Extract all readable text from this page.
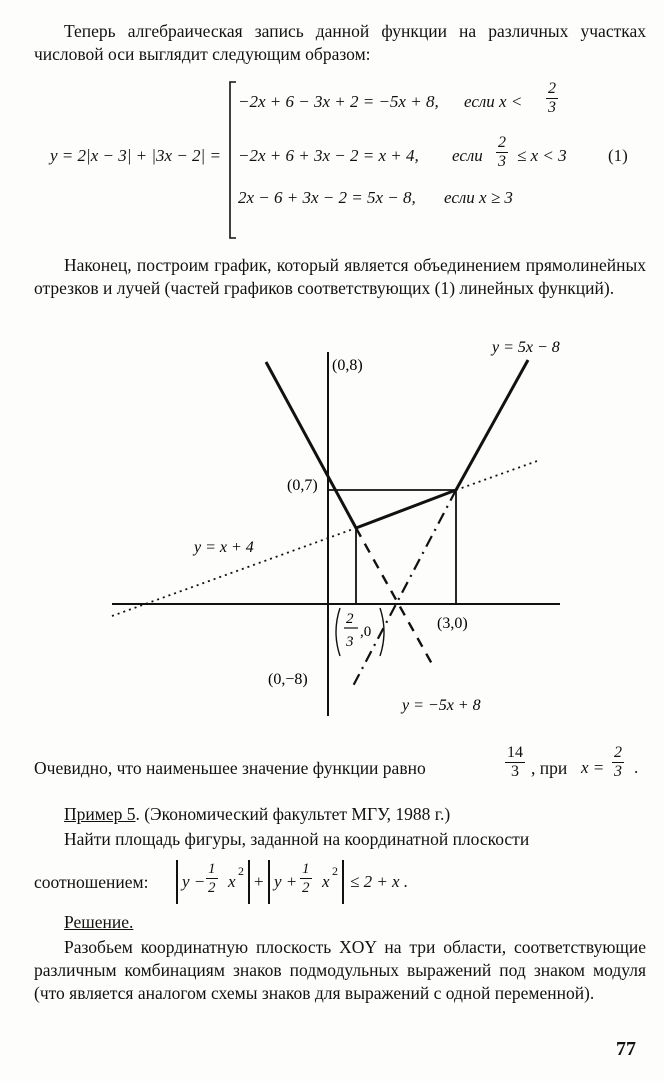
Теперь алгебраическая запись данной функции на различных участках числовой оси выглядит следующим образом:
y = 2|x − 3| + |3x − 2| =
−2x + 6 − 3x + 2 = −5x + 8, если $x < \frac{2}{3}$
−2x + 6 + 3x − 2 = x + 4, если $\frac{2}{3} \le x < 3$ (1)
2x − 6 + 3x − 2 = 5x − 8, если x ≥ 3
Наконец, построим график, который является объединением прямолинейных отрезков и лучей (частей графиков соответствующих (1) линейных функций).
(0,8)
(0,7)
(0,−8)
(3,0)
y = 5x − 8
y = x + 4
y = −5x + 8
2
3
,0
Очевидно, что наименьшее значение функции равно	$\frac{14}{3}$ , при $x = \frac{2}{3}$ .
Пример 5. (Экономический факультет МГУ, 1988 г.)
Найти площадь фигуры, заданной на координатной плоскости
соотношением: $y - \frac{1}{2}$ x
2
+ $y + \frac{1}{2}$ x
2
≤ 2 + x .
Решение.
Разобьем координатную плоскость XOY на три области, соответствующие различным комбинациям знаков подмодульных выражений под знаком модуля (что является аналогом схемы знаков для выражений с одной переменной).
77
